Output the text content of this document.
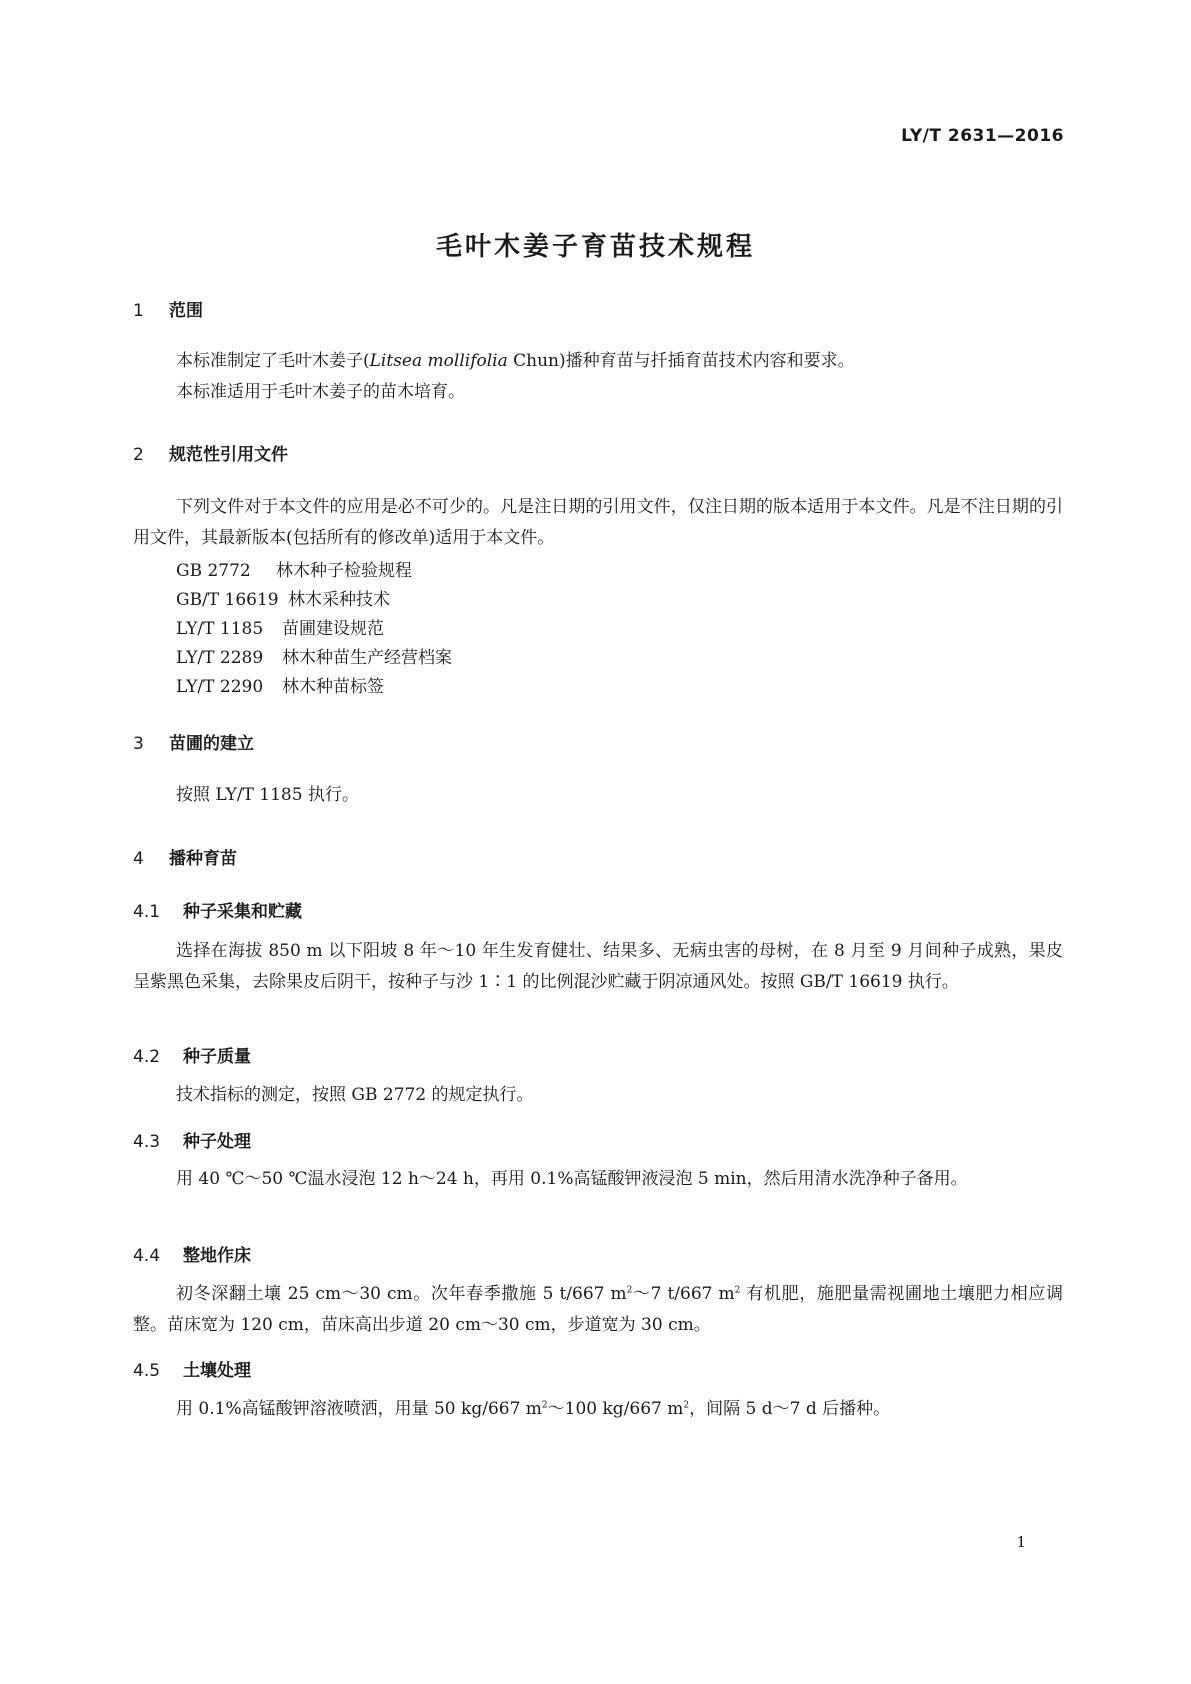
LY/T 2631—2016
毛叶木姜子育苗技术规程
1 范围
本标准制定了毛叶木姜子(Litsea mollifolia Chun)播种育苗与扦插育苗技术内容和要求。
本标准适用于毛叶木姜子的苗木培育。
2 规范性引用文件
下列文件对于本文件的应用是必不可少的。凡是注日期的引用文件，仅注日期的版本适用于本文件。凡是不注日期的引用文件，其最新版本(包括所有的修改单)适用于本文件。
GB 2772 林木种子检验规程
GB/T 16619 林木采种技术
LY/T 1185 苗圃建设规范
LY/T 2289 林木种苗生产经营档案
LY/T 2290 林木种苗标签
3 苗圃的建立
按照 LY/T 1185 执行。
4 播种育苗
4.1 种子采集和贮藏
选择在海拔 850 m 以下阳坡 8 年～10 年生发育健壮、结果多、无病虫害的母树，在 8 月至 9 月间种子成熟，果皮呈紫黑色采集，去除果皮后阴干，按种子与沙 1∶1 的比例混沙贮藏于阴凉通风处。按照 GB/T 16619 执行。
4.2 种子质量
技术指标的测定，按照 GB 2772 的规定执行。
4.3 种子处理
用 40 ℃～50 ℃温水浸泡 12 h～24 h，再用 0.1%高锰酸钾液浸泡 5 min，然后用清水洗净种子备用。
4.4 整地作床
初冬深翻土壤 25 cm～30 cm。次年春季撒施 5 t/667 $m^2\sim 7$ t/667 $m^2$ 有机肥，施肥量需视圃地土壤肥力相应调整。苗床宽为 120 cm，苗床高出步道 20 cm～30 cm，步道宽为 30 cm。
4.5 土壤处理
用 0.1%高锰酸钾溶液喷洒，用量 50 kg/667 $m^2\sim 100$ kg/667 $m^2$，间隔 5 d～7 d 后播种。
1
